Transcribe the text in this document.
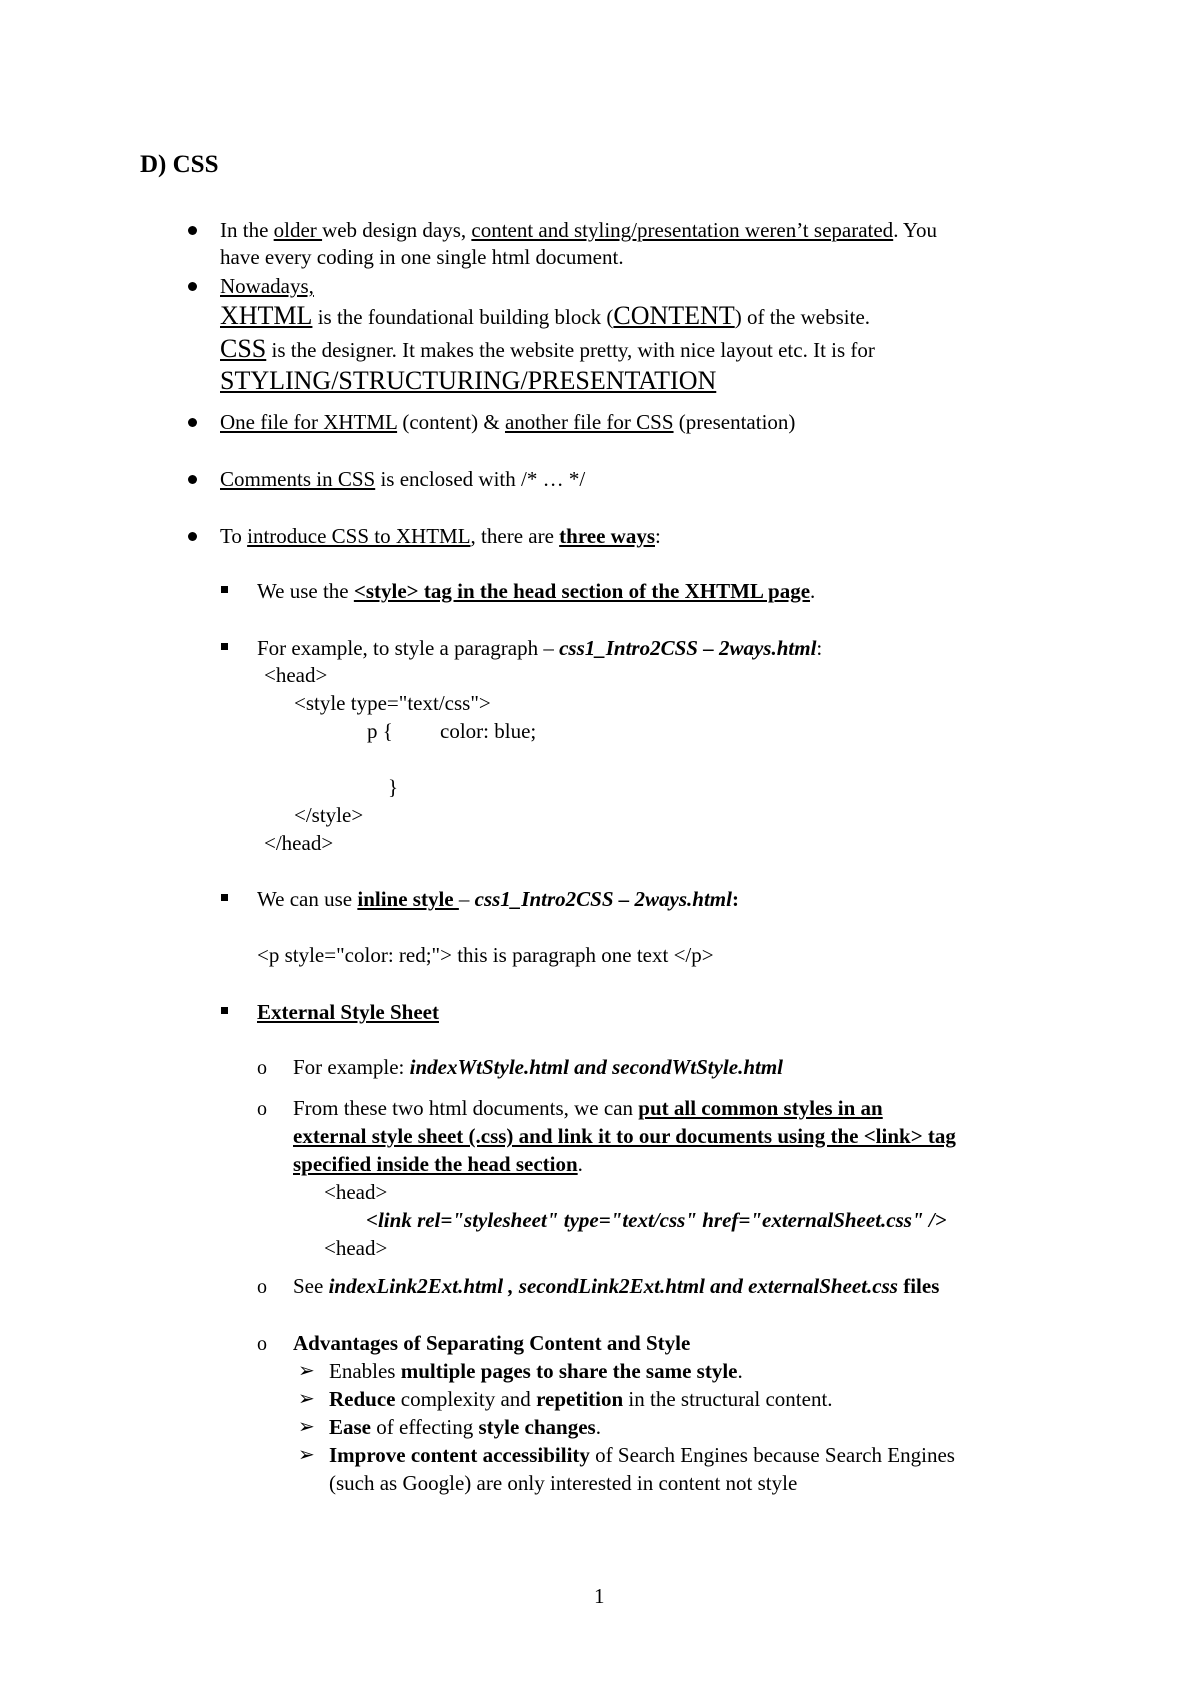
D) CSS
In the older web design days, content and styling/presentation weren’t separated. You
have every coding in one single html document.
Nowadays,
XHTML is the foundational building block (CONTENT) of the website.
CSS is the designer. It makes the website pretty, with nice layout etc. It is for
STYLING/STRUCTURING/PRESENTATION
One file for XHTML (content) & another file for CSS (presentation)
Comments in CSS is enclosed with /* … */
To introduce CSS to XHTML, there are three ways:
We use the <style> tag in the head section of the XHTML page.
For example, to style a paragraph – css1_Intro2CSS – 2ways.html:
<head>
<style type="text/css">
p { color: blue;
}
</style>
</head>
We can use inline style – css1_Intro2CSS – 2ways.html:
<p style="color: red;"> this is paragraph one text </p>
External Style Sheet
o For example: indexWtStyle.html and secondWtStyle.html
o From these two html documents, we can put all common styles in an
external style sheet (.css) and link it to our documents using the <link> tag
specified inside the head section.
<head>
<link rel="stylesheet" type="text/css" href="externalSheet.css" />
<head>
o See indexLink2Ext.html , secondLink2Ext.html and externalSheet.css files
o Advantages of Separating Content and Style
➢ Enables multiple pages to share the same style.
➢ Reduce complexity and repetition in the structural content.
➢ Ease of effecting style changes.
➢ Improve content accessibility of Search Engines because Search Engines
(such as Google) are only interested in content not style
1
